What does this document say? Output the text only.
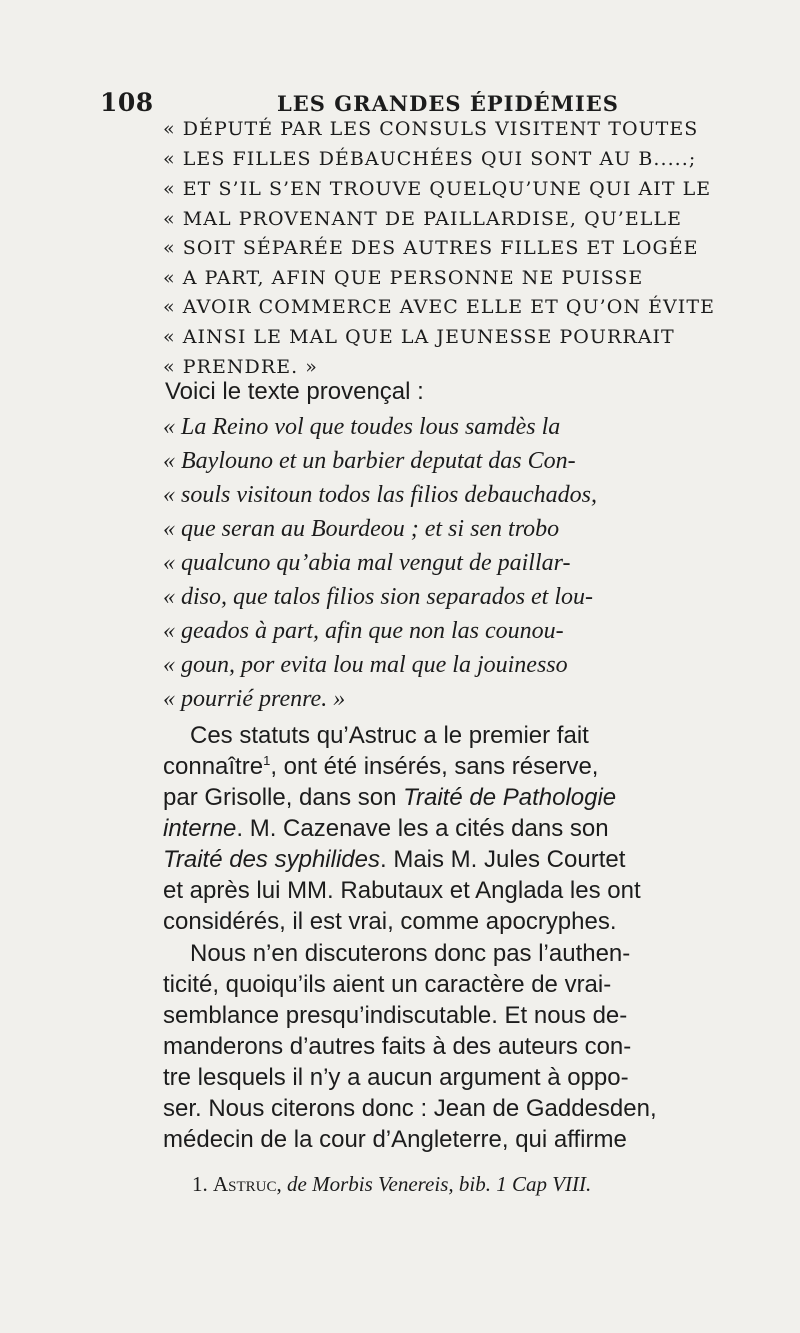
108	LES GRANDES ÉPIDÉMIES
« DÉPUTÉ PAR LES CONSULS VISITENT TOUTES
« LES FILLES DÉBAUCHÉES QUI SONT AU B.....;
« ET S’IL S’EN TROUVE QUELQU’UNE QUI AIT LE
« MAL PROVENANT DE PAILLARDISE, QU’ELLE
« SOIT SÉPARÉE DES AUTRES FILLES ET LOGÉE
« A PART, AFIN QUE PERSONNE NE PUISSE
« AVOIR COMMERCE AVEC ELLE ET QU’ON ÉVITE
« AINSI LE MAL QUE LA JEUNESSE POURRAIT
« PRENDRE. »
Voici le texte provençal :
« La Reino vol que toudes lous samdès la
« Baylouno et un barbier deputat das Con-
« souls visitoun todos las filios debauchados,
« que seran au Bourdeou ; et si sen trobo
« qualcuno qu’abia mal vengut de paillar-
« diso, que talos filios sion separados et lou-
« geados à part, afin que non las counou-
« goun, por evita lou mal que la jouinesso
« pourrié prenre. »
Ces statuts qu’Astruc a le premier fait
connaître$^1$, ont été insérés, sans réserve,
par Grisolle, dans son Traité de Pathologie
interne. M. Cazenave les a cités dans son
Traité des syphilides. Mais M. Jules Courtet
et après lui MM. Rabutaux et Anglada les ont
considérés, il est vrai, comme apocryphes.
Nous n’en discuterons donc pas l’authen-
ticité, quoiqu’ils aient un caractère de vrai-
semblance presqu’indiscutable. Et nous de-
manderons d’autres faits à des auteurs con-
tre lesquels il n’y a aucun argument à oppo-
ser. Nous citerons donc : Jean de Gaddesden,
médecin de la cour d’Angleterre, qui affirme
1. Astruc, de Morbis Venereis, bib. 1 Cap VIII.
